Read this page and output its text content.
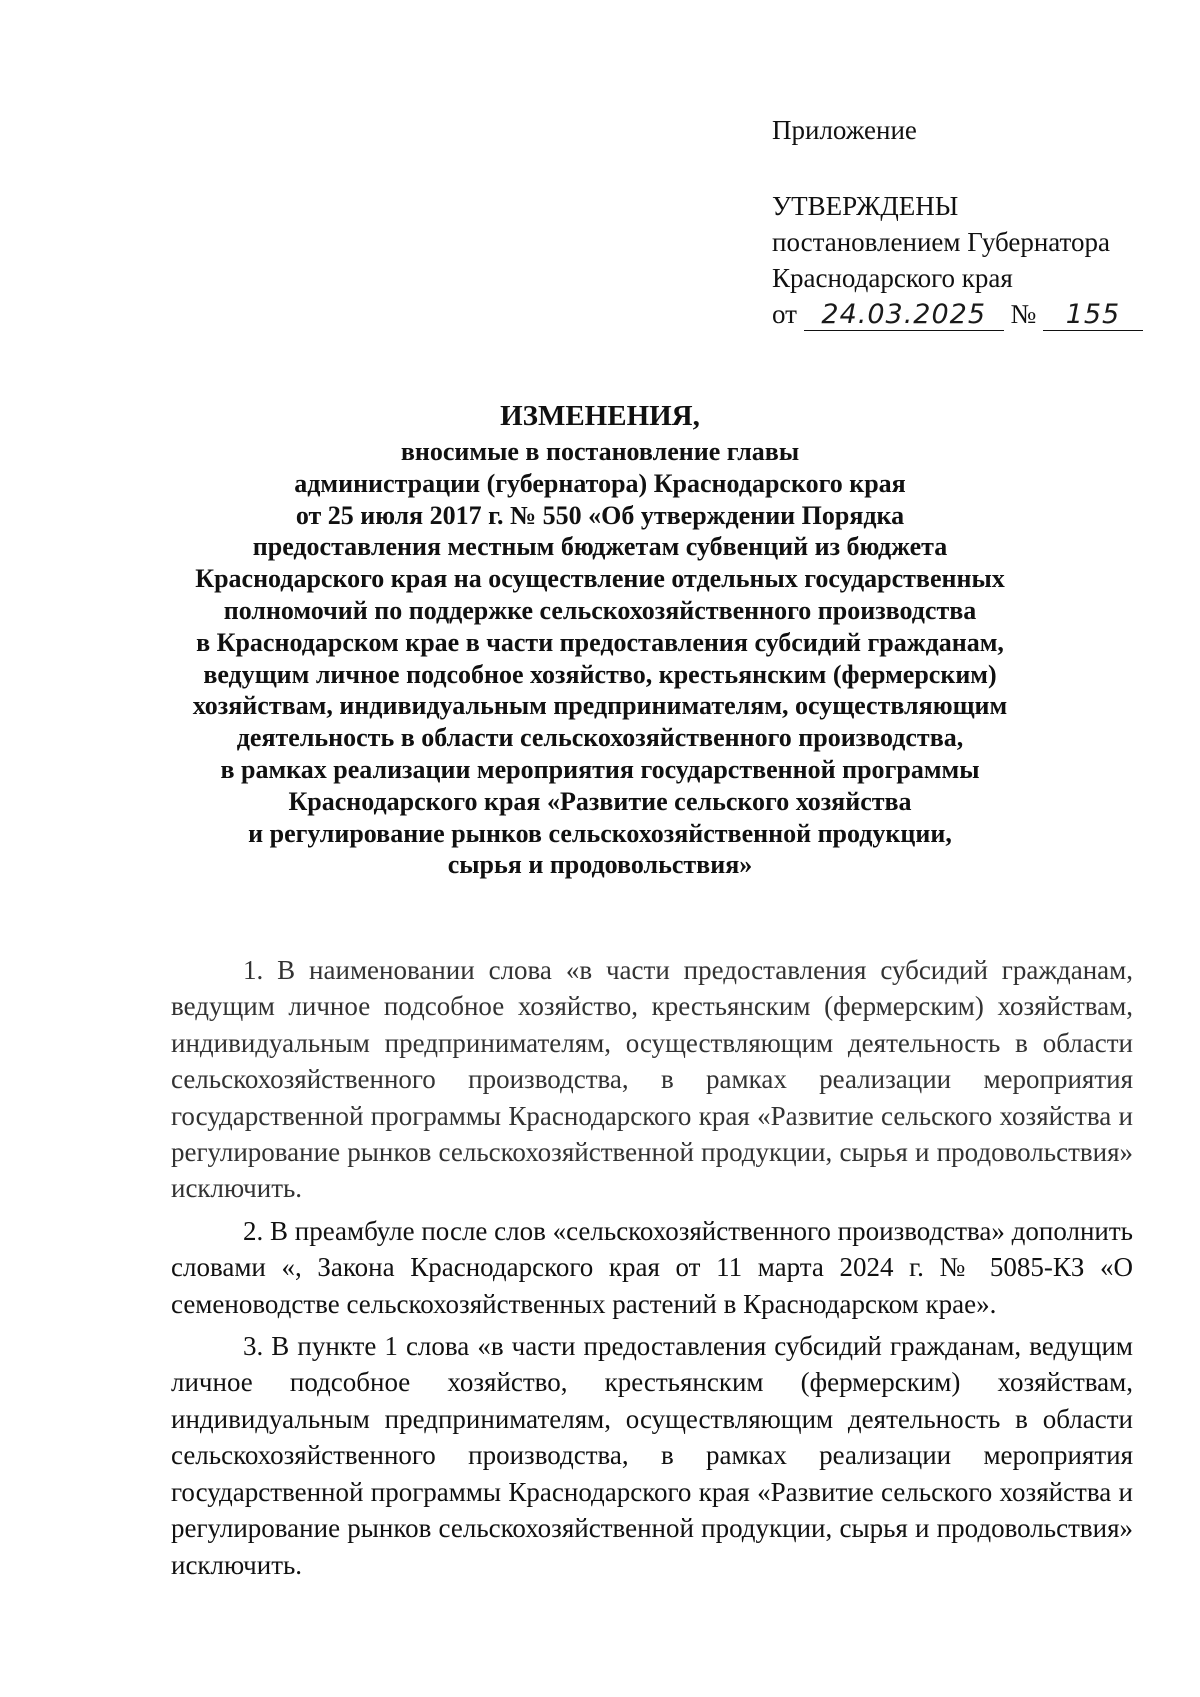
Приложение
УТВЕРЖДЕНЫ
постановлением Губернатора
Краснодарского края
от 24.03.2025 № 155
ИЗМЕНЕНИЯ,
вносимые в постановление главы
администрации (губернатора) Краснодарского края
от 25 июля 2017 г. № 550 «Об утверждении Порядка
предоставления местным бюджетам субвенций из бюджета
Краснодарского края на осуществление отдельных государственных
полномочий по поддержке сельскохозяйственного производства
в Краснодарском крае в части предоставления субсидий гражданам,
ведущим личное подсобное хозяйство, крестьянским (фермерским)
хозяйствам, индивидуальным предпринимателям, осуществляющим
деятельность в области сельскохозяйственного производства,
в рамках реализации мероприятия государственной программы
Краснодарского края «Развитие сельского хозяйства
и регулирование рынков сельскохозяйственной продукции,
сырья и продовольствия»

1. В наименовании слова «в части предоставления субсидий гражданам, ведущим личное подсобное хозяйство, крестьянским (фермерским) хозяйствам, индивидуальным предпринимателям, осуществляющим деятельность в области сельскохозяйственного производства, в рамках реализации мероприятия государственной программы Краснодарского края «Развитие сельского хозяйства и регулирование рынков сельскохозяйственной продукции, сырья и продовольствия» исключить.

2. В преамбуле после слов «сельскохозяйственного производства» дополнить словами «, Закона Краснодарского края от 11 марта 2024 г. № 5085-КЗ «О семеноводстве сельскохозяйственных растений в Краснодарском крае».

3. В пункте 1 слова «в части предоставления субсидий гражданам, ведущим личное подсобное хозяйство, крестьянским (фермерским) хозяйствам, индивидуальным предпринимателям, осуществляющим деятельность в области сельскохозяйственного производства, в рамках реализации мероприятия государственной программы Краснодарского края «Развитие сельского хозяйства и регулирование рынков сельскохозяйственной продукции, сырья и продовольствия» исключить.
